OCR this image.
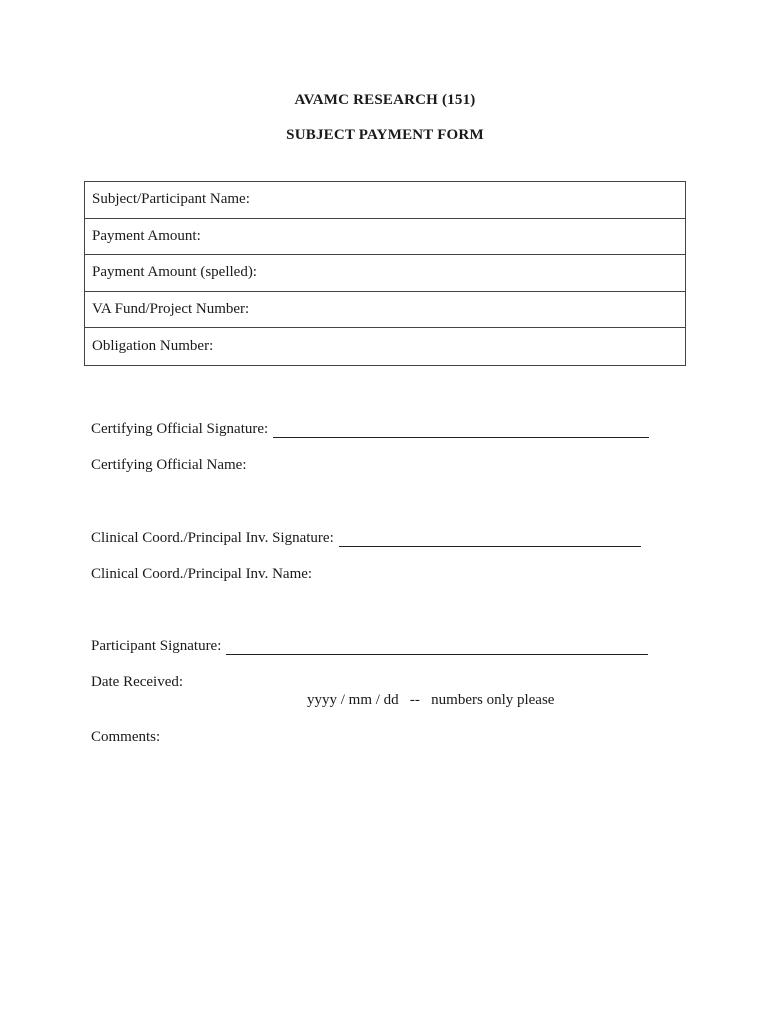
AVAMC RESEARCH (151)
SUBJECT PAYMENT FORM
Subject/Participant Name:
Payment Amount:
Payment Amount (spelled):
VA Fund/Project Number:
Obligation Number:
Certifying Official Signature:
Certifying Official Name:
Clinical Coord./Principal Inv. Signature:
Clinical Coord./Principal Inv. Name:
Participant Signature:
Date Received:
yyyy / mm / dd   --   numbers only please
Comments:
